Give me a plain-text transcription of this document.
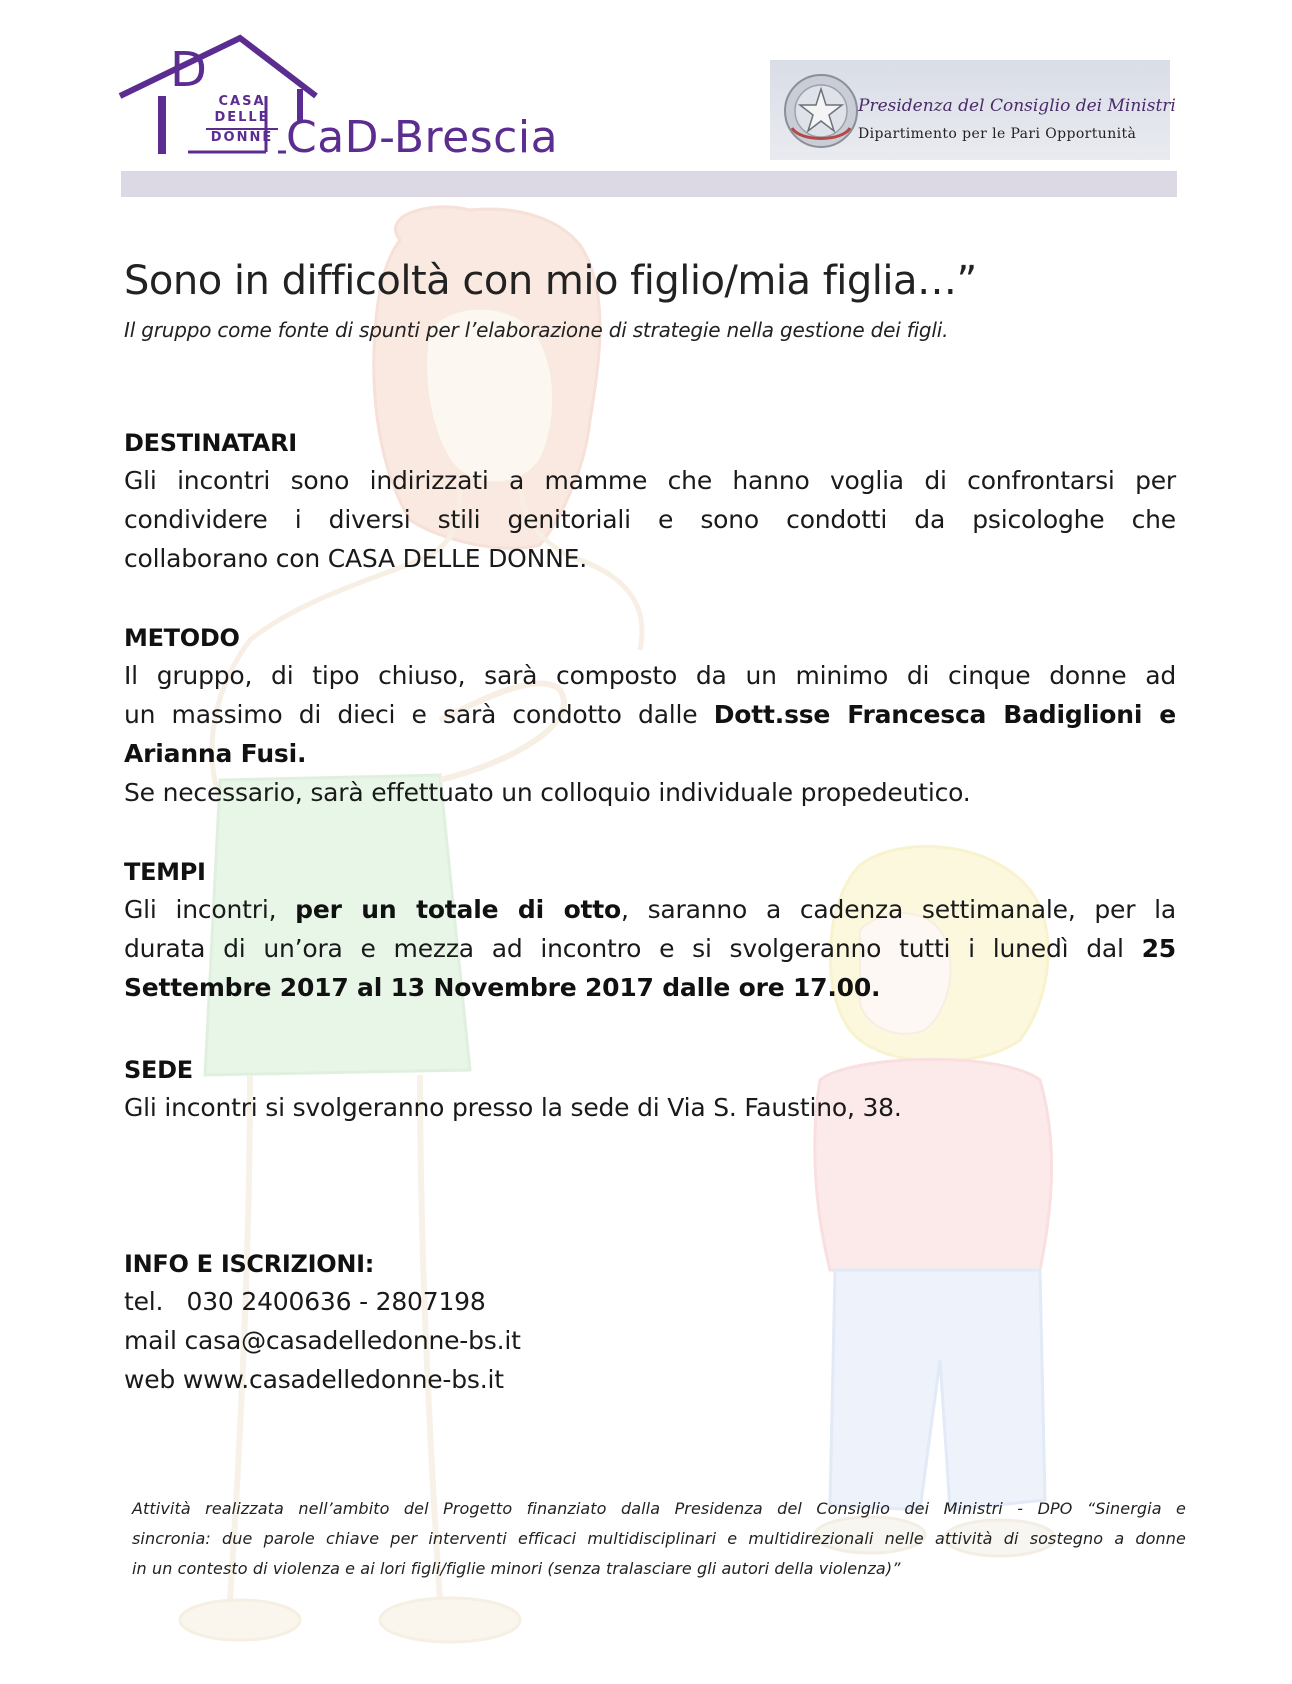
D
CASA
DELLE
DONNE CaD-Brescia
Presidenza del Consiglio dei Ministri
Dipartimento per le Pari Opportunità
Sono in difficoltà con mio figlio/mia figlia…”
Il gruppo come fonte di spunti per l’elaborazione di strategie nella gestione dei figli.
DESTINATARI
Gli incontri sono indirizzati a mamme che hanno voglia di confrontarsi per
condividere i diversi stili genitoriali e sono condotti da psicologhe che
collaborano con CASA DELLE DONNE.
METODO
Il gruppo, di tipo chiuso, sarà composto da un minimo di cinque donne ad
un massimo di dieci e sarà condotto dalle Dott.sse Francesca Badiglioni e
Arianna Fusi.
Se necessario, sarà effettuato un colloquio individuale propedeutico.
TEMPI
Gli incontri, per un totale di otto, saranno a cadenza settimanale, per la
durata di un’ora e mezza ad incontro e si svolgeranno tutti i lunedì dal 25
Settembre 2017 al 13 Novembre 2017 dalle ore 17.00.
SEDE
Gli incontri si svolgeranno presso la sede di Via S. Faustino, 38.
INFO E ISCRIZIONI:
tel.   030 2400636 - 2807198
mail casa@casadelledonne-bs.it
web www.casadelledonne-bs.it
Attività realizzata nell’ambito del Progetto finanziato dalla Presidenza del Consiglio dei Ministri - DPO “Sinergia e
sincronia: due parole chiave per interventi efficaci multidisciplinari e multidirezionali nelle attività di sostegno a donne
in un contesto di violenza e ai lori figli/figlie minori (senza tralasciare gli autori della violenza)”
